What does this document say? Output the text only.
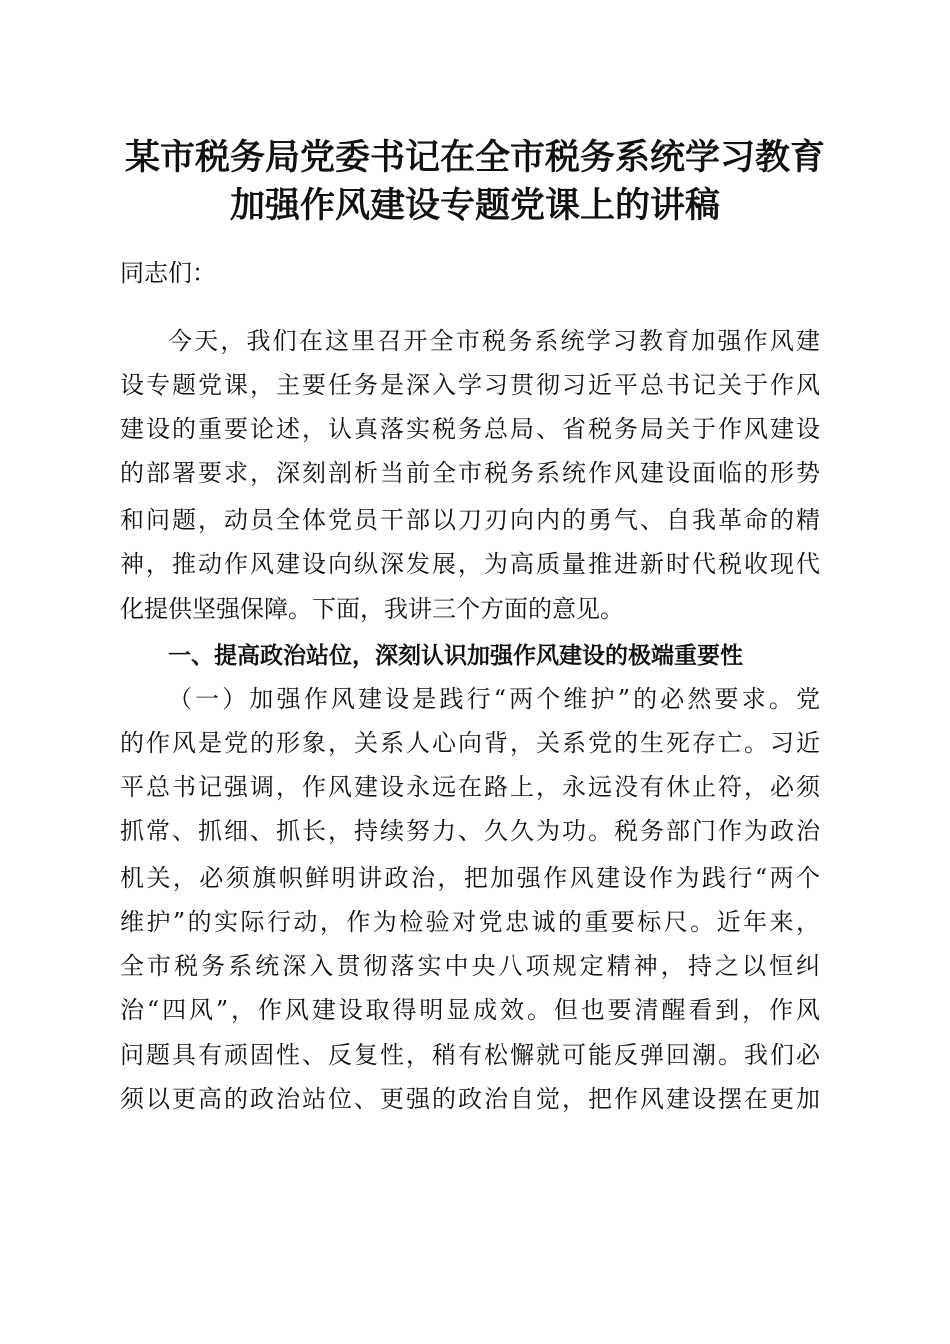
某市税务局党委书记在全市税务系统学习教育
加强作风建设专题党课上的讲稿
同志们：
今天，我们在这里召开全市税务系统学习教育加强作风建
设专题党课，主要任务是深入学习贯彻习近平总书记关于作风
建设的重要论述，认真落实税务总局、省税务局关于作风建设
的部署要求，深刻剖析当前全市税务系统作风建设面临的形势
和问题，动员全体党员干部以刀刃向内的勇气、自我革命的精
神，推动作风建设向纵深发展，为高质量推进新时代税收现代
化提供坚强保障。下面，我讲三个方面的意见。
一、提高政治站位，深刻认识加强作风建设的极端重要性
（一）加强作风建设是践行“两个维护”的必然要求。党
的作风是党的形象，关系人心向背，关系党的生死存亡。习近
平总书记强调，作风建设永远在路上，永远没有休止符，必须
抓常、抓细、抓长，持续努力、久久为功。税务部门作为政治
机关，必须旗帜鲜明讲政治，把加强作风建设作为践行“两个
维护”的实际行动，作为检验对党忠诚的重要标尺。近年来，
全市税务系统深入贯彻落实中央八项规定精神，持之以恒纠
治“四风”，作风建设取得明显成效。但也要清醒看到，作风
问题具有顽固性、反复性，稍有松懈就可能反弹回潮。我们必
须以更高的政治站位、更强的政治自觉，把作风建设摆在更加
